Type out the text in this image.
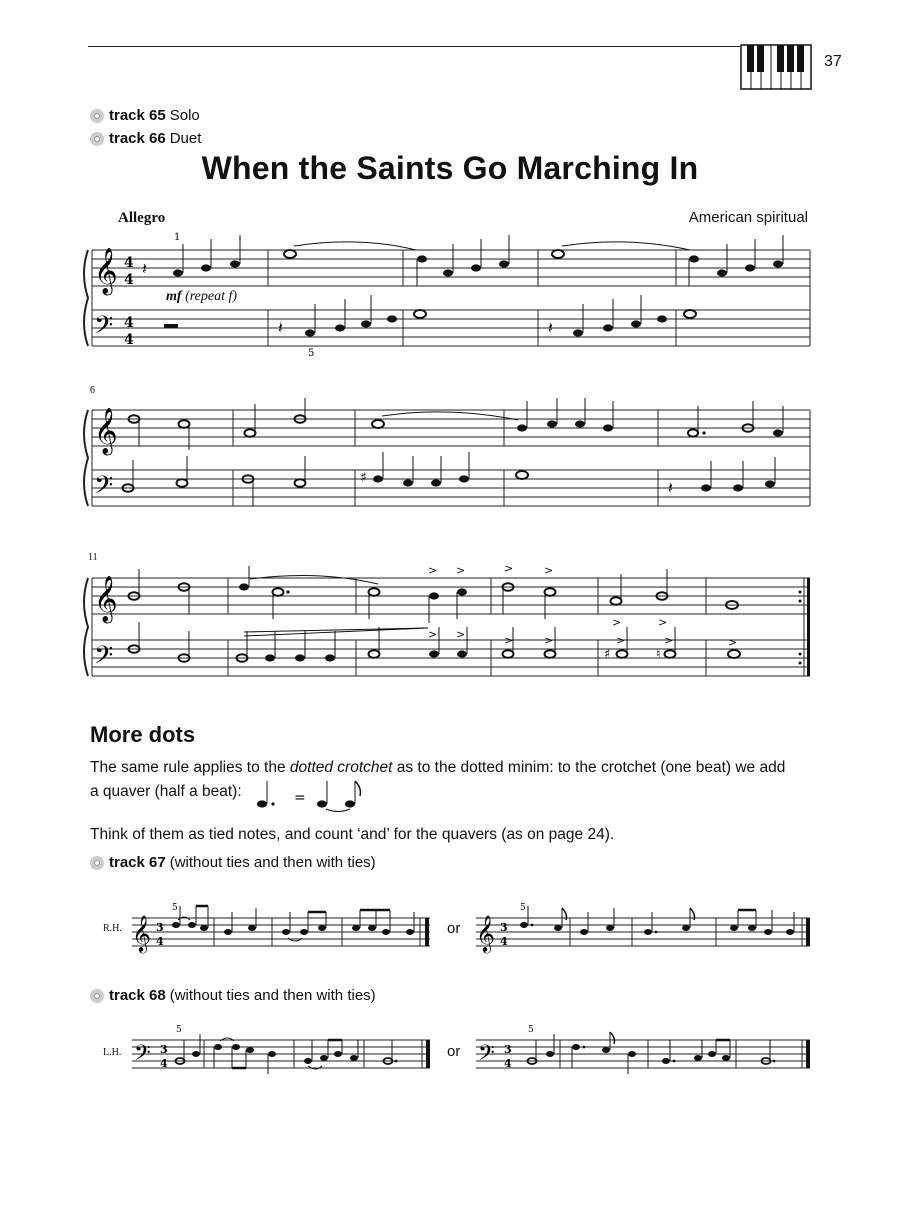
37
track 65 Solo
track 66 Duet
When the Saints Go Marching In
Allegro	American spiritual
mf (repeat f)
6
11
𝄞
𝄢
4
4
4
4
𝄽
1
𝄽
5
𝄽
𝄞
𝄢	♯	𝄽
𝄞
𝄢
> >	>	>
>	>
> >	>	>	>	>	>
♯	♮
More dots
The same rule applies to the dotted crotchet as to the dotted minim: to the crotchet (one beat) we add
a quaver (half a beat):	=
Think of them as tied notes, and count ‘and’ for the quavers (as on page 24).
track 67 (without ties and then with ties)
R.H. 𝄞 3
4
5
or 𝄞 3
4
5
track 68 (without ties and then with ties)
L.H. 𝄢 3
4
5
or 𝄢 3
4
5
